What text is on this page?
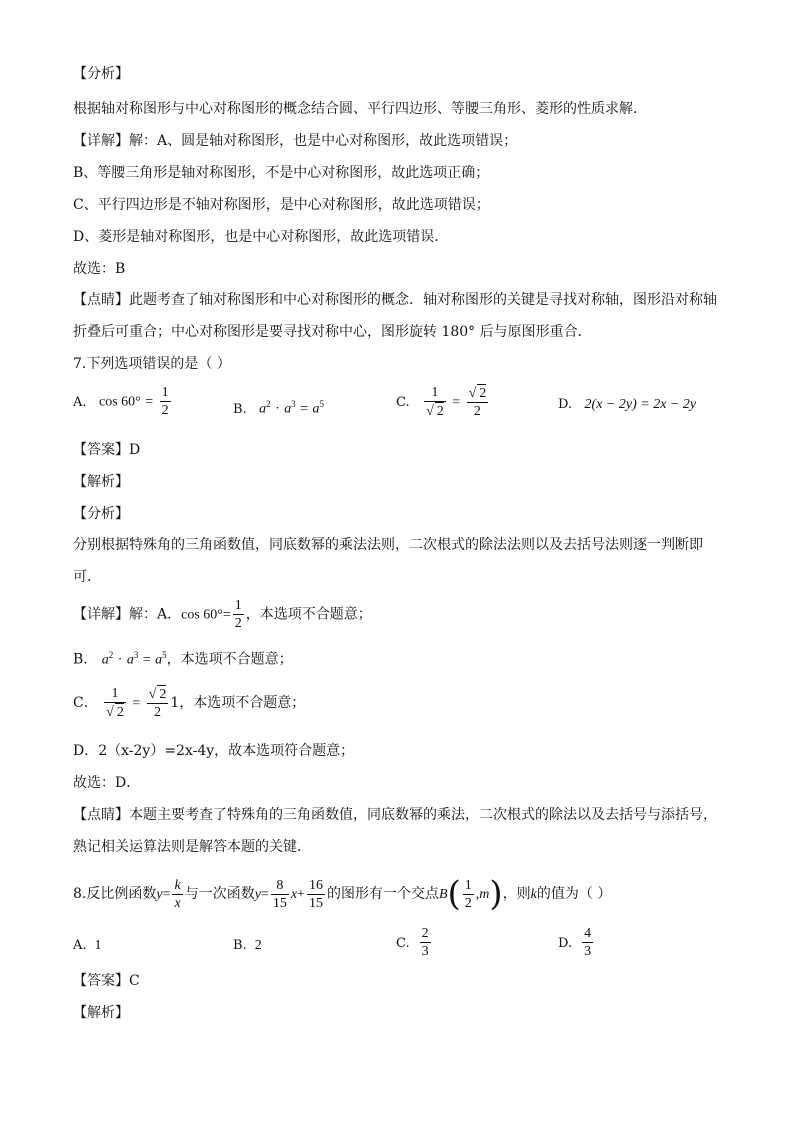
【分析】
根据轴对称图形与中心对称图形的概念结合圆、平行四边形、等腰三角形、菱形的性质求解．
【详解】解：A、圆是轴对称图形，也是中心对称图形，故此选项错误；
B、等腰三角形是轴对称图形，不是中心对称图形，故此选项正确；
C、平行四边形是不轴对称图形，是中心对称图形，故此选项错误；
D、菱形是轴对称图形，也是中心对称图形，故此选项错误．
故选：B
【点睛】此题考查了轴对称图形和中心对称图形的概念．轴对称图形的关键是寻找对称轴，图形沿对称轴
折叠后可重合；中心对称图形是要寻找对称中心，图形旋转 180° 后与原图形重合．
7.下列选项错误的是（ ）
A. $\cos 60^\circ = \frac{1}{2}$	B. $a^2 \cdot a^3 = a^5$	C. $\frac{1}{√ 2} = \frac{√ 2}{2}$	D. 2(x − 2y) = 2x − 2y
【答案】D
【解析】
【分析】
分别根据特殊角的三角函数值，同底数幂的乘法法则，二次根式的除法法则以及去括号法则逐一判断即
可．
【详解】解：A．$\cos 60^\circ= \frac{1}{2}$ ，本选项不合题意；
B． $a^2 \cdot a^3 = a^5$，本选项不合题意；
C． $\frac{1}{√ 2} = \frac{√ 2}{2} 1$，本选项不合题意；
D．2（x-2y）=2x-4y，故本选项符合题意；
故选：D．
【点睛】本题主要考查了特殊角的三角函数值，同底数幂的乘法，二次根式的除法以及去括号与添括号，
熟记相关运算法则是解答本题的关键．
8.反比例函数$y= \frac{k}{x}$ 与一次函数$y= \frac{8}{15} x+ \frac{16}{15}$ 的图形有一个交点$B( \frac{1}{2} ,m)$，则k的值为（ ）
A. 1	B. 2	C. $\frac{2}{3}$	D. $\frac{4}{3}$
【答案】C
【解析】
